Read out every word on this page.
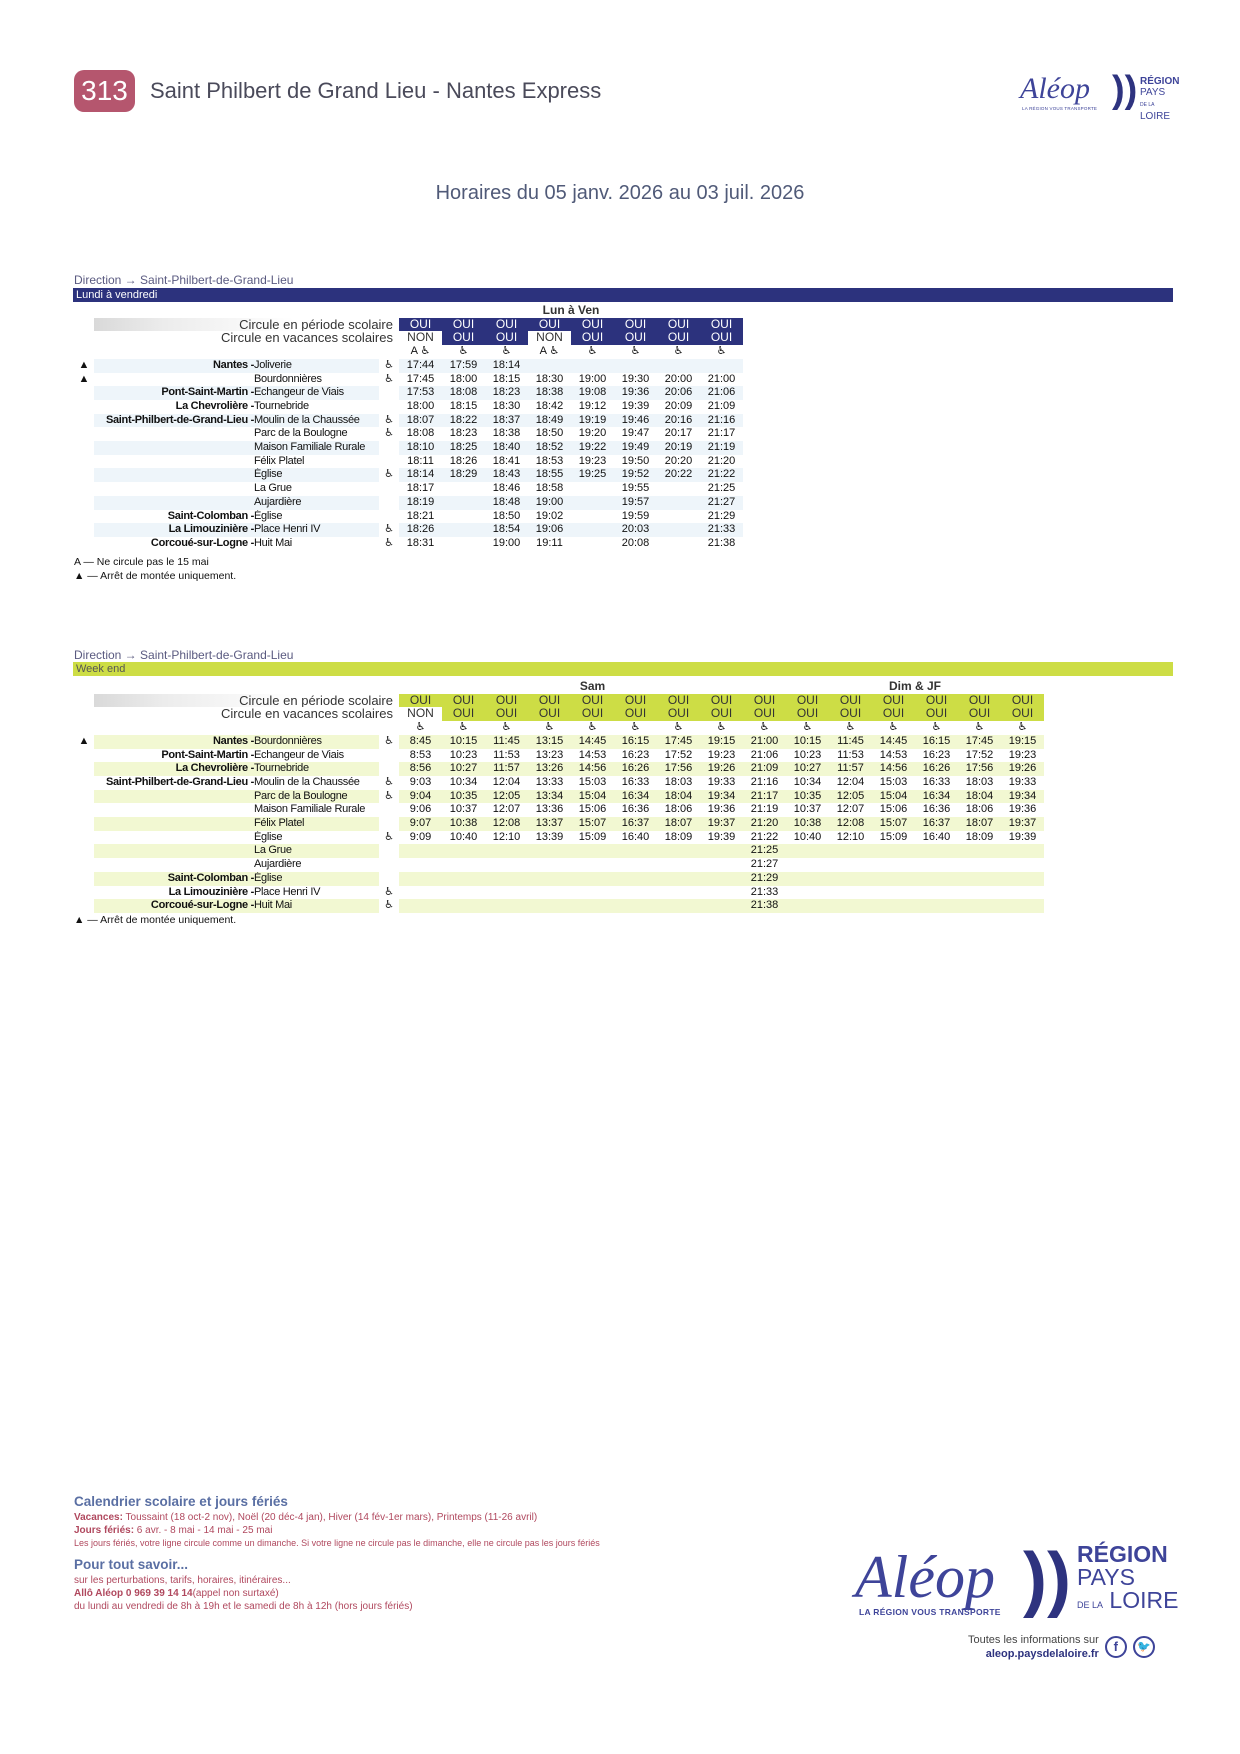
313 Saint Philbert de Grand Lieu - Nantes Express	Aléop
LA RÉGION VOUS TRANSPORTE )) RÉGION
PAYS
DE LA LOIRE
Horaires du 05 janv. 2026 au 03 juil. 2026
Direction → Saint-Philbert-de-Grand-Lieu
Lundi à vendredi
				Lun à Ven							
	Circule en période scolaire			OUI	OUI	OUI	OUI	OUI	OUI	OUI	OUI
	Circule en vacances scolaires			NON	OUI	OUI	NON	OUI	OUI	OUI	OUI
				A ♿	♿	♿	A ♿	♿	♿	♿	♿
▲	Nantes -	Joliverie	♿	17:44	17:59	18:14					
▲		Bourdonnières	♿	17:45	18:00	18:15	18:30	19:00	19:30	20:00	21:00
	Pont-Saint-Martin -	Echangeur de Viais		17:53	18:08	18:23	18:38	19:08	19:36	20:06	21:06
	La Chevrolière -	Tournebride		18:00	18:15	18:30	18:42	19:12	19:39	20:09	21:09
	Saint-Philbert-de-Grand-Lieu -	Moulin de la Chaussée	♿	18:07	18:22	18:37	18:49	19:19	19:46	20:16	21:16
		Parc de la Boulogne	♿	18:08	18:23	18:38	18:50	19:20	19:47	20:17	21:17
		Maison Familiale Rurale		18:10	18:25	18:40	18:52	19:22	19:49	20:19	21:19
		Félix Platel		18:11	18:26	18:41	18:53	19:23	19:50	20:20	21:20
		Église	♿	18:14	18:29	18:43	18:55	19:25	19:52	20:22	21:22
		La Grue		18:17		18:46	18:58		19:55		21:25
		Aujardière		18:19		18:48	19:00		19:57		21:27
	Saint-Colomban -	Église		18:21		18:50	19:02		19:59		21:29
	La Limouzinière -	Place Henri IV	♿	18:26		18:54	19:06		20:03		21:33
	Corcoué-sur-Logne -	Huit Mai	♿	18:31		19:00	19:11		20:08		21:38
A — Ne circule pas le 15 mai
▲ — Arrêt de montée uniquement.
Direction → Saint-Philbert-de-Grand-Lieu
Week end
				Sam									Dim & JF					
	Circule en période scolaire			OUI	OUI	OUI	OUI	OUI	OUI	OUI	OUI	OUI	OUI	OUI	OUI	OUI	OUI	OUI
	Circule en vacances scolaires			NON	OUI	OUI	OUI	OUI	OUI	OUI	OUI	OUI	OUI	OUI	OUI	OUI	OUI	OUI
				♿	♿	♿	♿	♿	♿	♿	♿	♿	♿	♿	♿	♿	♿	♿
▲	Nantes -	Bourdonnières	♿	8:45	10:15	11:45	13:15	14:45	16:15	17:45	19:15	21:00	10:15	11:45	14:45	16:15	17:45	19:15
	Pont-Saint-Martin -	Echangeur de Viais		8:53	10:23	11:53	13:23	14:53	16:23	17:52	19:23	21:06	10:23	11:53	14:53	16:23	17:52	19:23
	La Chevrolière -	Tournebride		8:56	10:27	11:57	13:26	14:56	16:26	17:56	19:26	21:09	10:27	11:57	14:56	16:26	17:56	19:26
	Saint-Philbert-de-Grand-Lieu -	Moulin de la Chaussée	♿	9:03	10:34	12:04	13:33	15:03	16:33	18:03	19:33	21:16	10:34	12:04	15:03	16:33	18:03	19:33
		Parc de la Boulogne	♿	9:04	10:35	12:05	13:34	15:04	16:34	18:04	19:34	21:17	10:35	12:05	15:04	16:34	18:04	19:34
		Maison Familiale Rurale		9:06	10:37	12:07	13:36	15:06	16:36	18:06	19:36	21:19	10:37	12:07	15:06	16:36	18:06	19:36
		Félix Platel		9:07	10:38	12:08	13:37	15:07	16:37	18:07	19:37	21:20	10:38	12:08	15:07	16:37	18:07	19:37
		Église	♿	9:09	10:40	12:10	13:39	15:09	16:40	18:09	19:39	21:22	10:40	12:10	15:09	16:40	18:09	19:39
		La Grue										21:25						
		Aujardière										21:27						
	Saint-Colomban -	Église										21:29						
	La Limouzinière -	Place Henri IV	♿									21:33						
	Corcoué-sur-Logne -	Huit Mai	♿									21:38						
▲ — Arrêt de montée uniquement.
Calendrier scolaire et jours fériés
Vacances: Toussaint (18 oct-2 nov), Noël (20 déc-4 jan), Hiver (14 fév-1er mars), Printemps (11-26 avril)
Jours fériés: 6 avr. - 8 mai - 14 mai - 25 mai
Les jours fériés, votre ligne circule comme un dimanche. Si votre ligne ne circule pas le dimanche, elle ne circule pas les jours fériés
Pour tout savoir...
sur les perturbations, tarifs, horaires, itinéraires...
Allô Aléop 0 969 39 14 14(appel non surtaxé)
du lundi au vendredi de 8h à 19h et le samedi de 8h à 12h (hors jours fériés)	Aléop
LA RÉGION VOUS TRANSPORTE )) RÉGION
PAYS
DE LA LOIRE
Toutes les informations sur
aleop.paysdelaloire.fr	f	🐦
